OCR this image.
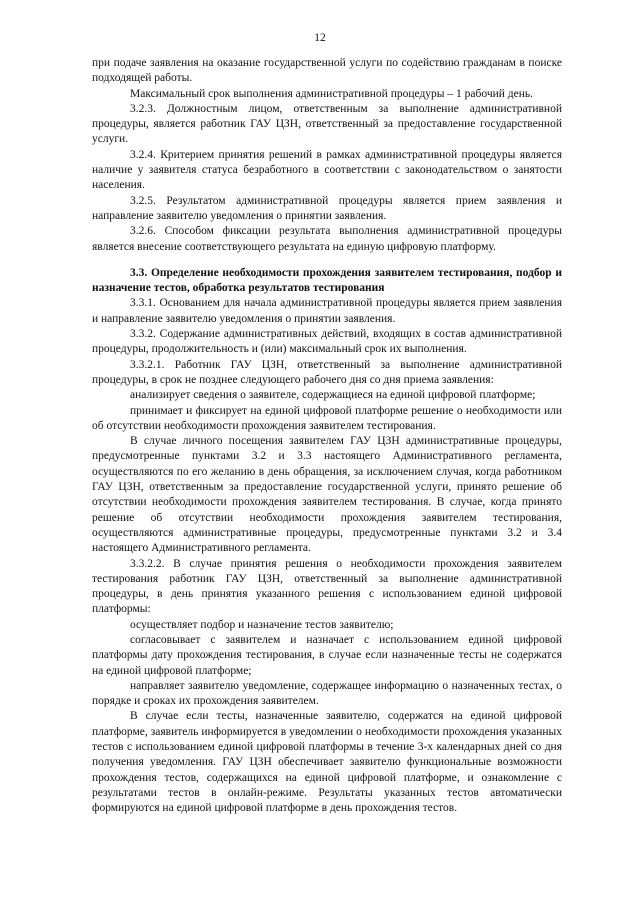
12

при подаче заявления на оказание государственной услуги по содействию гражданам в поиске подходящей работы.

Максимальный срок выполнения административной процедуры – 1 рабочий день.

3.2.3. Должностным лицом, ответственным за выполнение административной процедуры, является работник ГАУ ЦЗН, ответственный за предоставление государственной услуги.

3.2.4. Критерием принятия решений в рамках административной процедуры является наличие у заявителя статуса безработного в соответствии с законодательством о занятости населения.

3.2.5. Результатом административной процедуры является прием заявления и направление заявителю уведомления о принятии заявления.

3.2.6. Способом фиксации результата выполнения административной процедуры является внесение соответствующего результата на единую цифровую платформу.

3.3. Определение необходимости прохождения заявителем тестирования, подбор и назначение тестов, обработка результатов тестирования

3.3.1. Основанием для начала административной процедуры является прием заявления и направление заявителю уведомления о принятии заявления.

3.3.2. Содержание административных действий, входящих в состав административной процедуры, продолжительность и (или) максимальный срок их выполнения.

3.3.2.1. Работник ГАУ ЦЗН, ответственный за выполнение административной процедуры, в срок не позднее следующего рабочего дня со дня приема заявления:

анализирует сведения о заявителе, содержащиеся на единой цифровой платформе;

принимает и фиксирует на единой цифровой платформе решение о необходимости или об отсутствии необходимости прохождения заявителем тестирования.

В случае личного посещения заявителем ГАУ ЦЗН административные процедуры, предусмотренные пунктами 3.2 и 3.3 настоящего Административного регламента, осуществляются по его желанию в день обращения, за исключением случая, когда работником ГАУ ЦЗН, ответственным за предоставление государственной услуги, принято решение об отсутствии необходимости прохождения заявителем тестирования. В случае, когда принято решение об отсутствии необходимости прохождения заявителем тестирования, осуществляются административные процедуры, предусмотренные пунктами 3.2 и 3.4 настоящего Административного регламента.

3.3.2.2. В случае принятия решения о необходимости прохождения заявителем тестирования работник ГАУ ЦЗН, ответственный за выполнение административной процедуры, в день принятия указанного решения с использованием единой цифровой платформы:

осуществляет подбор и назначение тестов заявителю;

согласовывает с заявителем и назначает с использованием единой цифровой платформы дату прохождения тестирования, в случае если назначенные тесты не содержатся на единой цифровой платформе;

направляет заявителю уведомление, содержащее информацию о назначенных тестах, о порядке и сроках их прохождения заявителем.

В случае если тесты, назначенные заявителю, содержатся на единой цифровой платформе, заявитель информируется в уведомлении о необходимости прохождения указанных тестов с использованием единой цифровой платформы в течение 3-х календарных дней со дня получения уведомления. ГАУ ЦЗН обеспечивает заявителю функциональные возможности прохождения тестов, содержащихся на единой цифровой платформе, и ознакомление с результатами тестов в онлайн-режиме. Результаты указанных тестов автоматически формируются на единой цифровой платформе в день прохождения тестов.
